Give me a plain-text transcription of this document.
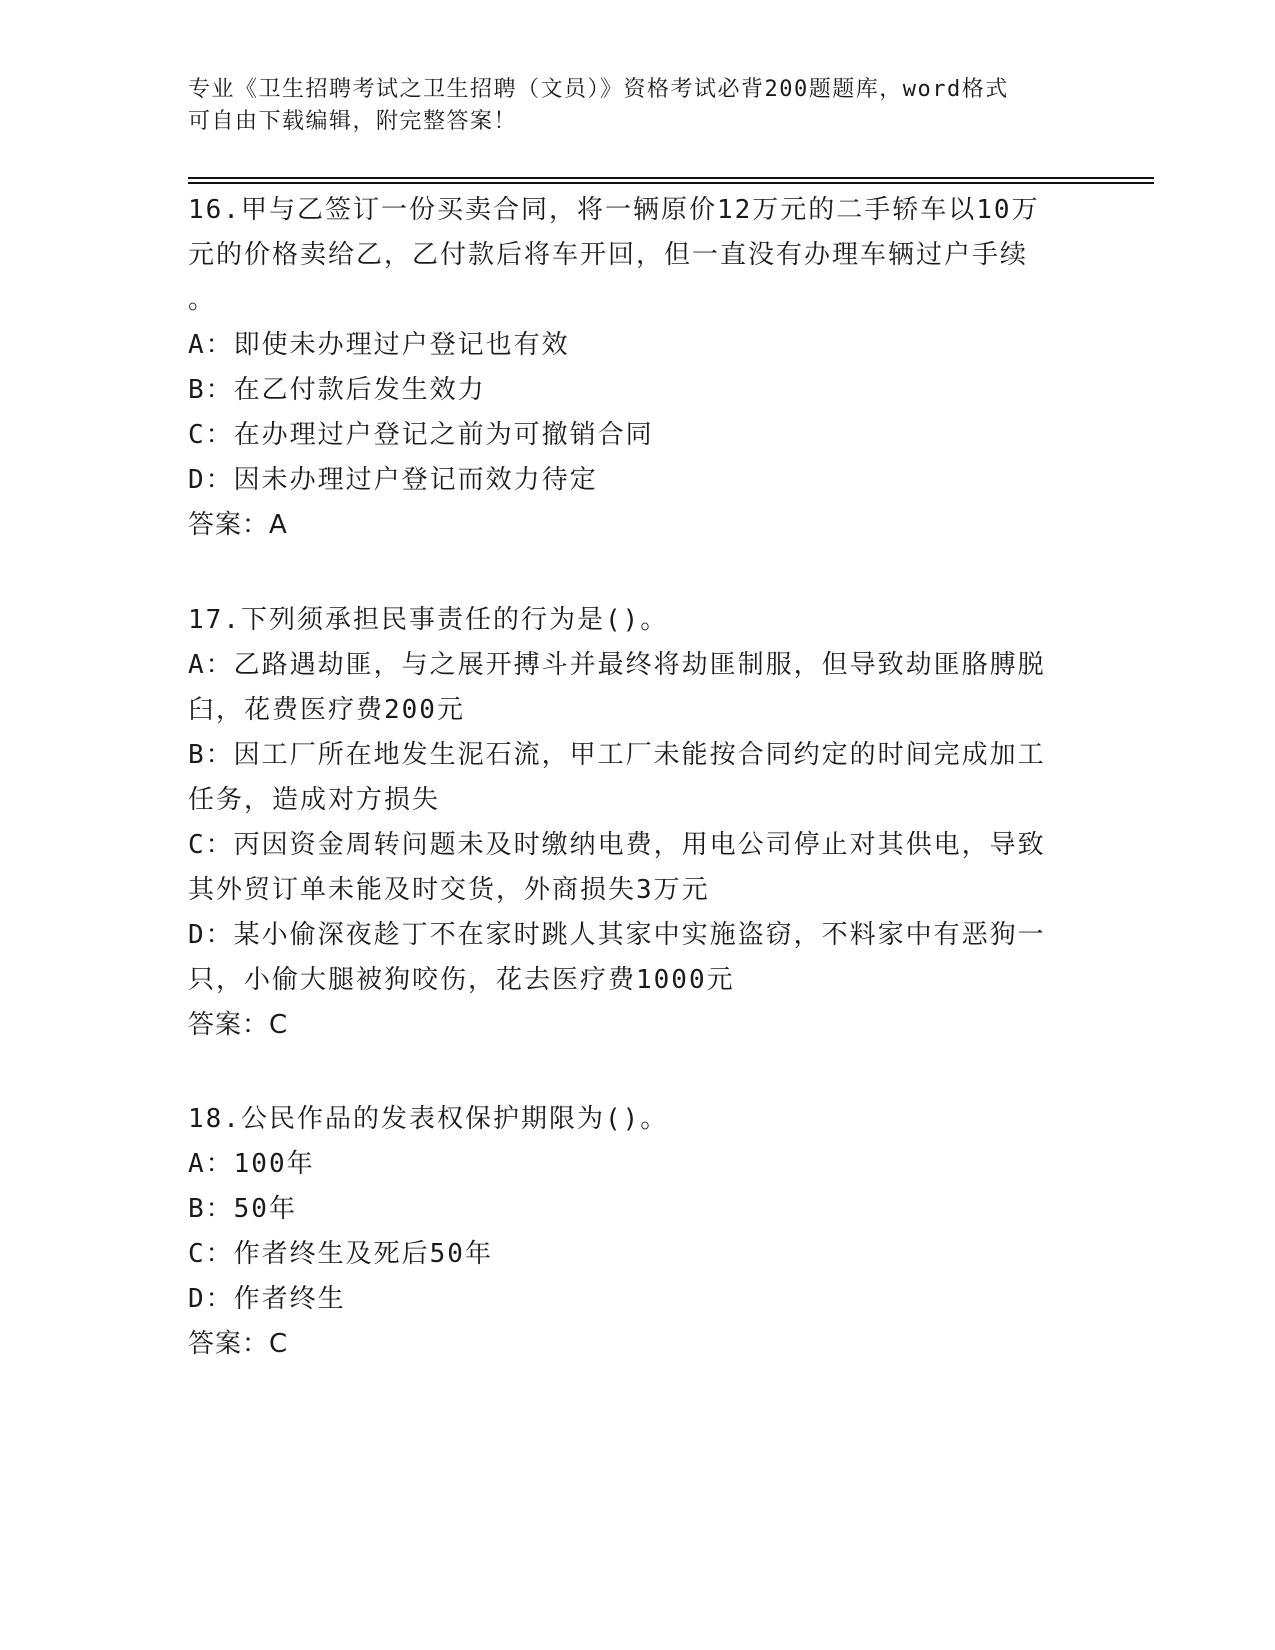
专业《卫生招聘考试之卫生招聘（文员）》资格考试必背200题题库，word格式
可自由下载编辑，附完整答案！
16.甲与乙签订一份买卖合同，将一辆原价12万元的二手轿车以10万
元的价格卖给乙，乙付款后将车开回，但一直没有办理车辆过户手续
。
A：即使未办理过户登记也有效
B：在乙付款后发生效力
C：在办理过户登记之前为可撤销合同
D：因未办理过户登记而效力待定
答案：A
17.下列须承担民事责任的行为是()。
A：乙路遇劫匪，与之展开搏斗并最终将劫匪制服，但导致劫匪胳膊脱
臼，花费医疗费200元
B：因工厂所在地发生泥石流，甲工厂未能按合同约定的时间完成加工
任务，造成对方损失
C：丙因资金周转问题未及时缴纳电费，用电公司停止对其供电，导致
其外贸订单未能及时交货，外商损失3万元
D：某小偷深夜趁丁不在家时跳人其家中实施盗窃，不料家中有恶狗一
只，小偷大腿被狗咬伤，花去医疗费1000元
答案：C
18.公民作品的发表权保护期限为()。
A：100年
B：50年
C：作者终生及死后50年
D：作者终生
答案：C
